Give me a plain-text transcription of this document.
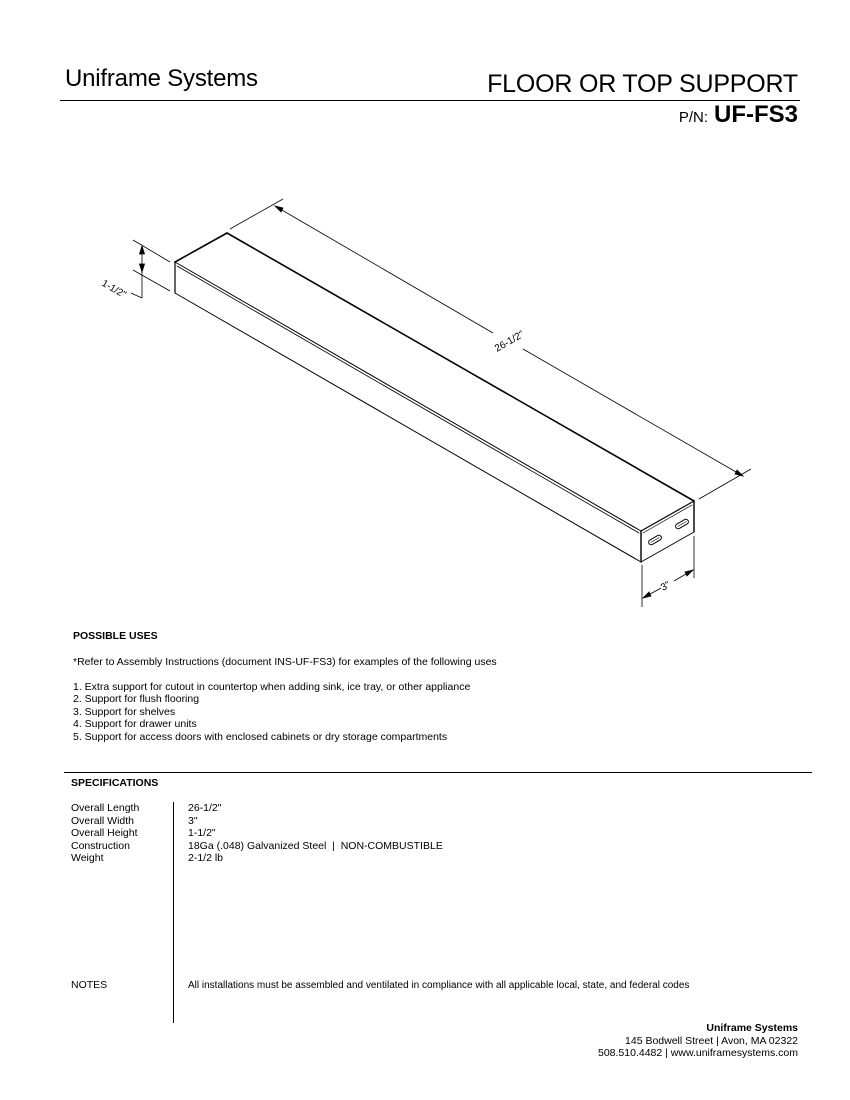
Uniframe Systems	FLOOR OR TOP SUPPORT
P/N: UF-FS3
1-1/2"
26-1/2"
3"
POSSIBLE USES
*Refer to Assembly Instructions (document INS-UF-FS3) for examples of the following uses
1. Extra support for cutout in countertop when adding sink, ice tray, or other appliance
2. Support for flush flooring
3. Support for shelves
4. Support for drawer units
5. Support for access doors with enclosed cabinets or dry storage compartments
SPECIFICATIONS
Overall Length
Overall Width
Overall Height
Construction
Weight
26-1/2"
3"
1-1/2"
18Ga (.048) Galvanized Steel  |  NON-COMBUSTIBLE
2-1/2 lb
NOTES	All installations must be assembled and ventilated in compliance with all applicable local, state, and federal codes
Uniframe Systems
145 Bodwell Street | Avon, MA 02322
508.510.4482 | www.uniframesystems.com
